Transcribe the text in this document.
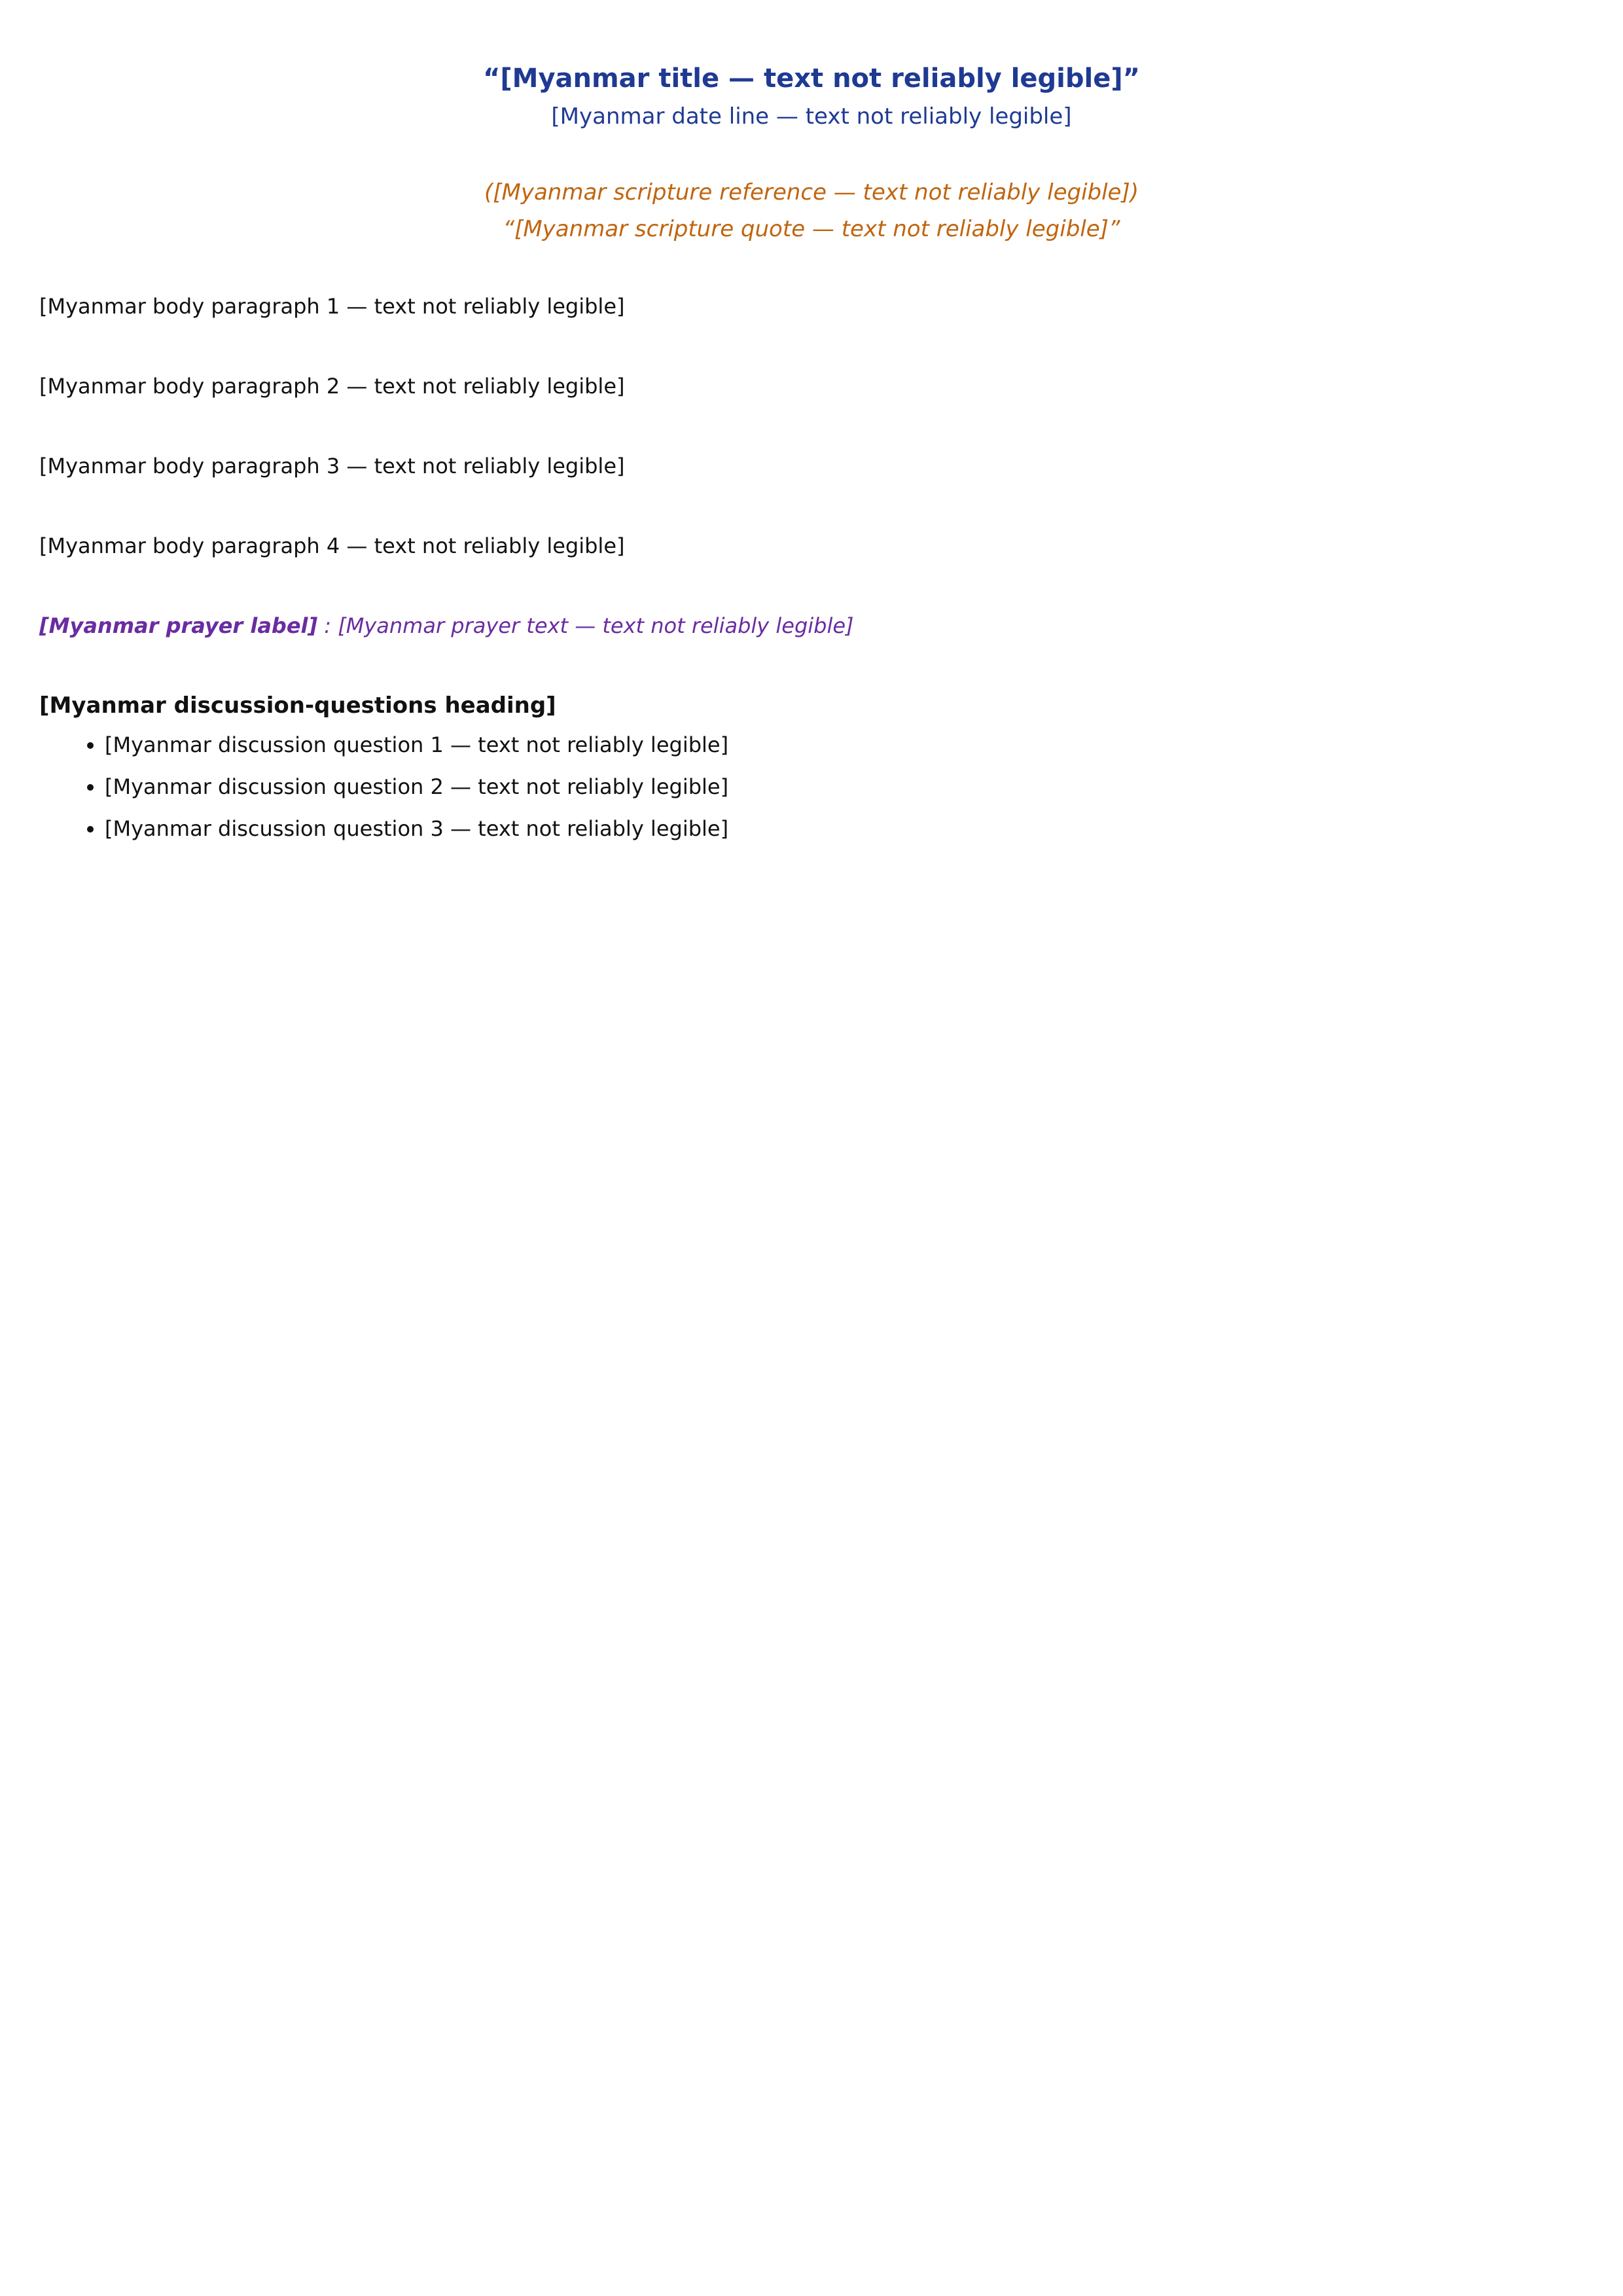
“[Myanmar title — text not reliably legible]”
[Myanmar date line — text not reliably legible]
([Myanmar scripture reference — text not reliably legible])
“[Myanmar scripture quote — text not reliably legible]”

[Myanmar body paragraph 1 — text not reliably legible]

[Myanmar body paragraph 2 — text not reliably legible]

[Myanmar body paragraph 3 — text not reliably legible]

[Myanmar body paragraph 4 — text not reliably legible]

[Myanmar prayer label] : [Myanmar prayer text — text not reliably legible]
[Myanmar discussion-questions heading]
• [Myanmar discussion question 1 — text not reliably legible]
• [Myanmar discussion question 2 — text not reliably legible]
• [Myanmar discussion question 3 — text not reliably legible]
